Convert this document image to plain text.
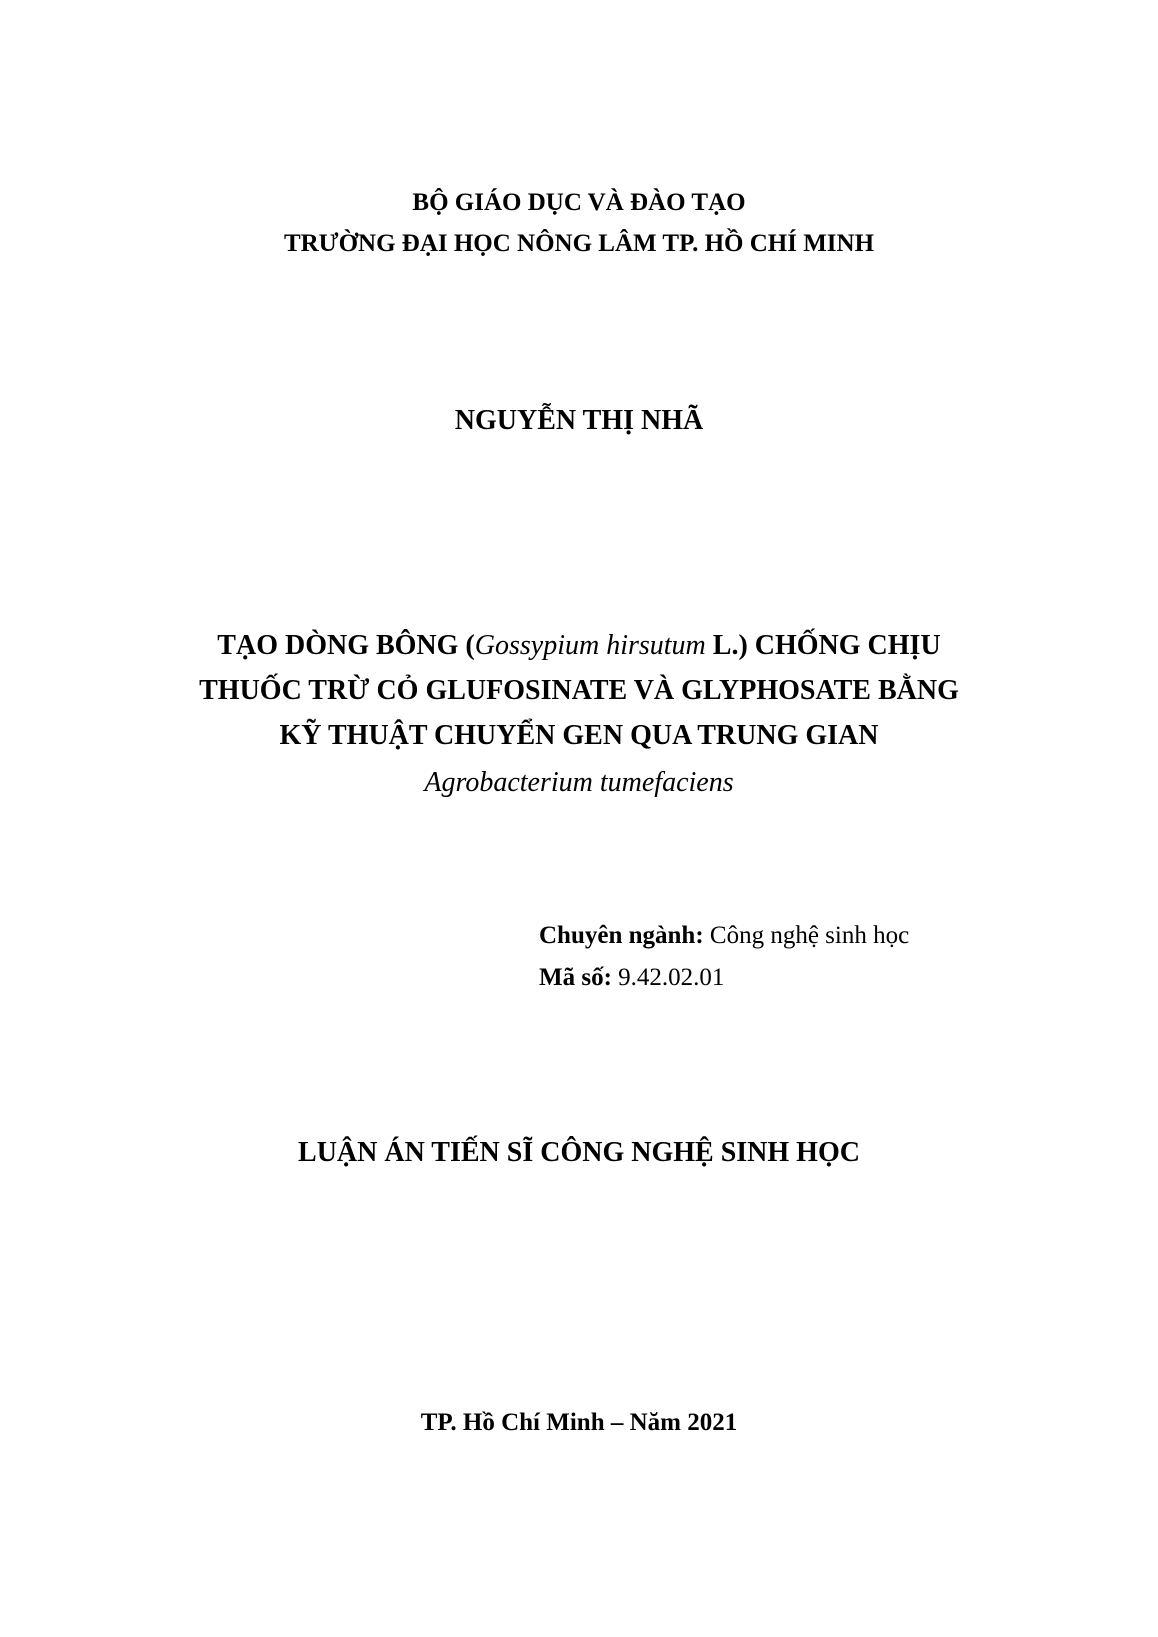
BỘ GIÁO DỤC VÀ ĐÀO TẠO
TRƯỜNG ĐẠI HỌC NÔNG LÂM TP. HỒ CHÍ MINH
NGUYỄN THỊ NHÃ
TẠO DÒNG BÔNG (Gossypium hirsutum L.) CHỐNG CHỊU
THUỐC TRỪ CỎ GLUFOSINATE VÀ GLYPHOSATE BẰNG
KỸ THUẬT CHUYỂN GEN QUA TRUNG GIAN
Agrobacterium tumefaciens
Chuyên ngành: Công nghệ sinh học
Mã số: 9.42.02.01
LUẬN ÁN TIẾN SĨ CÔNG NGHỆ SINH HỌC
TP. Hồ Chí Minh – Năm 2021
